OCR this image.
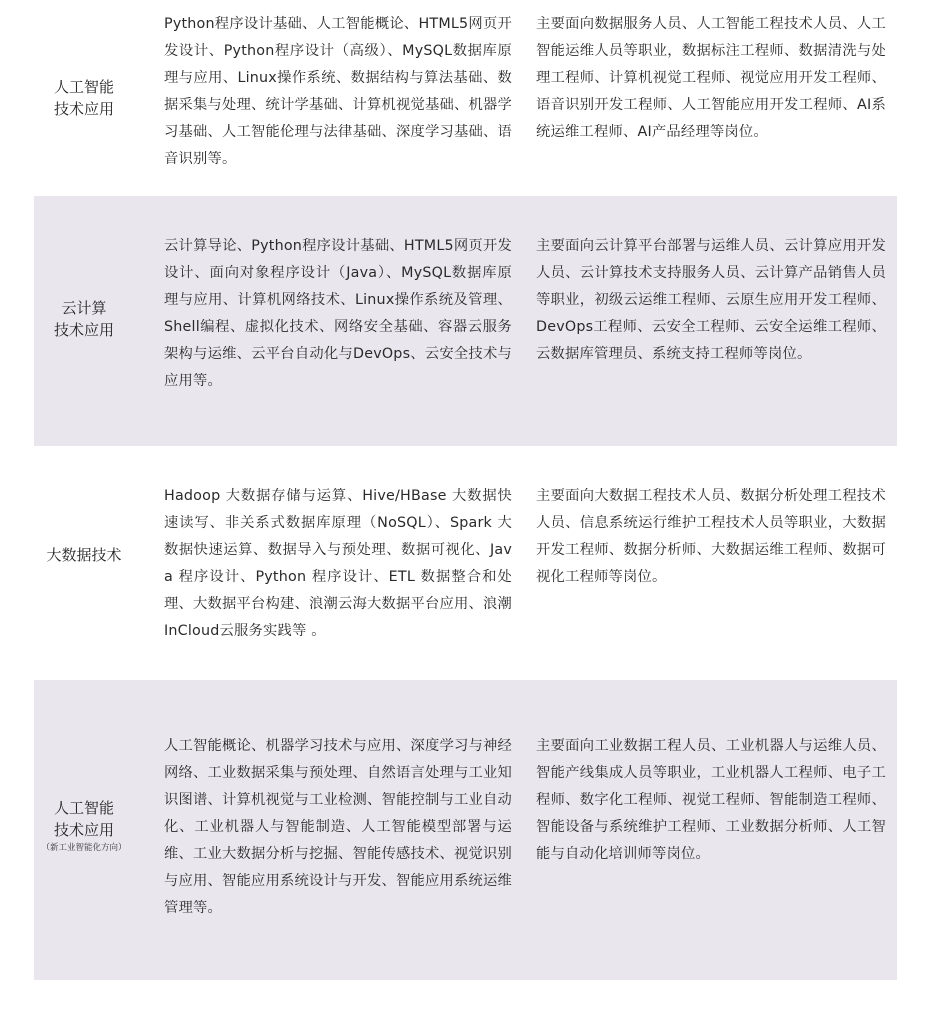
人工智能
技术应用
Python程序设计基础、人工智能概论、HTML5网页开发设计、Python程序设计（高级）、MySQL数据库原理与应用、Linux操作系统、数据结构与算法基础、数据采集与处理、统计学基础、计算机视觉基础、机器学习基础、人工智能伦理与法律基础、深度学习基础、语音识别等。
主要面向数据服务人员、人工智能工程技术人员、人工智能运维人员等职业，数据标注工程师、数据清洗与处理工程师、计算机视觉工程师、视觉应用开发工程师、语音识别开发工程师、人工智能应用开发工程师、AI系统运维工程师、AI产品经理等岗位。
云计算
技术应用
云计算导论、Python程序设计基础、HTML5网页开发设计、面向对象程序设计（Java）、MySQL数据库原理与应用、计算机网络技术、Linux操作系统及管理、Shell编程、虚拟化技术、网络安全基础、容器云服务架构与运维、云平台自动化与DevOps、云安全技术与应用等。
主要面向云计算平台部署与运维人员、云计算应用开发人员、云计算技术支持服务人员、云计算产品销售人员等职业，初级云运维工程师、云原生应用开发工程师、DevOps工程师、云安全工程师、云安全运维工程师、云数据库管理员、系统支持工程师等岗位。
大数据技术
Hadoop 大数据存储与运算、Hive/HBase 大数据快速读写、非关系式数据库原理（NoSQL）、Spark 大数据快速运算、数据导入与预处理、数据可视化、Java 程序设计、Python 程序设计、ETL 数据整合和处理、大数据平台构建、浪潮云海大数据平台应用、浪潮InCloud云服务实践等 。
主要面向大数据工程技术人员、数据分析处理工程技术人员、信息系统运行维护工程技术人员等职业，大数据开发工程师、数据分析师、大数据运维工程师、数据可视化工程师等岗位。
人工智能
技术应用
（新工业智能化方向）
人工智能概论、机器学习技术与应用、深度学习与神经网络、工业数据采集与预处理、自然语言处理与工业知识图谱、计算机视觉与工业检测、智能控制与工业自动化、工业机器人与智能制造、人工智能模型部署与运维、工业大数据分析与挖掘、智能传感技术、视觉识别与应用、智能应用系统设计与开发、智能应用系统运维管理等。
主要面向工业数据工程人员、工业机器人与运维人员、智能产线集成人员等职业，工业机器人工程师、电子工程师、数字化工程师、视觉工程师、智能制造工程师、智能设备与系统维护工程师、工业数据分析师、人工智能与自动化培训师等岗位。
